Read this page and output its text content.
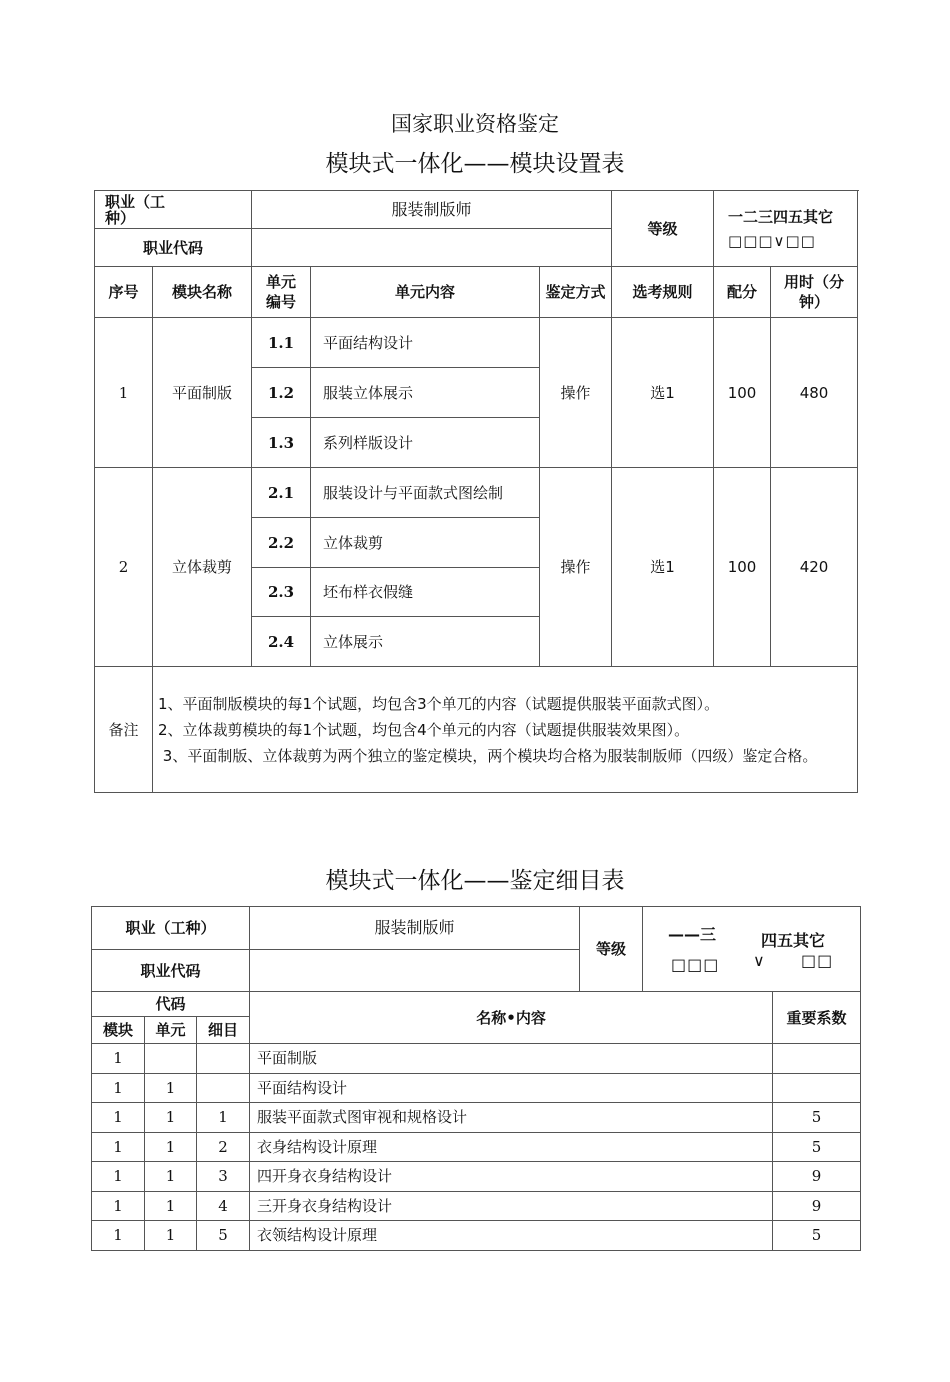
国家职业资格鉴定
模块式一体化——模块设置表
职业（工种）		服装制版师			等级	一二三四五其它
□□□∨□□	

职业代码							
序号	模块名称	单元编号	单元内容	鉴定方式	选考规则	配分	用时（分钟）

1	平面制版	1.1	平面结构设计	操作	选1	100	480
		1.2	服装立体展示				
		1.3	系列样版设计				
2	立体裁剪	2.1	服装设计与平面款式图绘制	操作	选1	100	420
		2.2	立体裁剪				
		2.3	坯布样衣假缝				
		2.4	立体展示				
备注	1、平面制版模块的每1个试题，均包含3个单兀的内容（试题提供服装平面款式图）。
2、立体裁剪模块的每1个试题，均包含4个单元的内容（试题提供服装效果图）。
3、平面制版、立体裁剪为两个独立的鉴定模块，两个模块均合格为服装制版师（四级）鉴定合格。						
模块式一体化——鉴定细目表
职业（工种）			服装制版师	等级	——三 四五其它
□□□ ∨ □□	

职业代码						
代码			名称•内容			重要系数
模块	单元	细目				
1			平面制版			
1	1		平面结构设计			
1	1	1	服装平面款式图审视和规格设计			5
1	1	2	衣身结构设计原理			5
1	1	3	四开身衣身结构设计			9
1	1	4	三开身衣身结构设计			9
1	1	5	衣领结构设计原理			5
